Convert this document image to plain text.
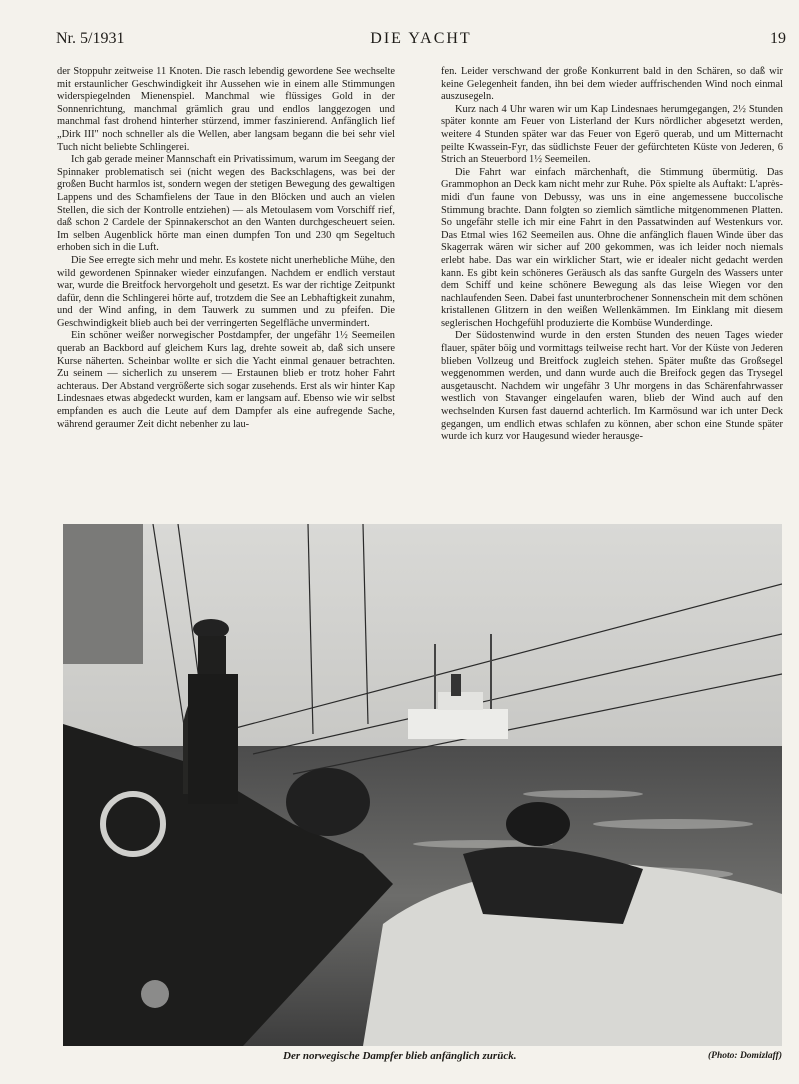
Nr. 5/1931	DIE YACHT	19

der Stoppuhr zeitweise 11 Knoten. Die rasch lebendig gewordene See wechselte mit erstaunlicher Geschwindigkeit ihr Aussehen wie in einem alle Stimmungen widerspiegelnden Mienenspiel. Manchmal wie flüssiges Gold in der Sonnenrichtung, manchmal grämlich grau und endlos langgezogen und manchmal fast drohend hinterher stürzend, immer faszinierend. Anfänglich lief „Dirk III" noch schneller als die Wellen, aber langsam begann die bei sehr viel Tuch nicht beliebte Schlingerei.

Ich gab gerade meiner Mannschaft ein Privatissimum, warum im Seegang der Spinnaker problematisch sei (nicht wegen des Backschlagens, was bei der großen Bucht harmlos ist, sondern wegen der stetigen Bewegung des gewaltigen Lappens und des Schamfielens der Taue in den Blöcken und auch an vielen Stellen, die sich der Kontrolle entziehen) — als Metoulasem vom Vorschiff rief, daß schon 2 Cardele der Spinnakerschot an den Wanten durchgescheuert seien. Im selben Augenblick hörte man einen dumpfen Ton und 230 qm Segeltuch erhoben sich in die Luft.

Die See erregte sich mehr und mehr. Es kostete nicht unerhebliche Mühe, den wild gewordenen Spinnaker wieder einzufangen. Nachdem er endlich verstaut war, wurde die Breitfock hervorgeholt und gesetzt. Es war der richtige Zeitpunkt dafür, denn die Schlingerei hörte auf, trotzdem die See an Lebhaftigkeit zunahm, und der Wind anfing, in dem Tauwerk zu summen und zu pfeifen. Die Geschwindigkeit blieb auch bei der verringerten Segelfläche unvermindert.

Ein schöner weißer norwegischer Postdampfer, der ungefähr 1½ Seemeilen querab an Backbord auf gleichem Kurs lag, drehte soweit ab, daß sich unsere Kurse näherten. Scheinbar wollte er sich die Yacht einmal genauer betrachten. Zu seinem — sicherlich zu unserem — Erstaunen blieb er trotz hoher Fahrt achteraus. Der Abstand vergrößerte sich sogar zusehends. Erst als wir hinter Kap Lindesnaes etwas abgedeckt wurden, kam er langsam auf. Ebenso wie wir selbst empfanden es auch die Leute auf dem Dampfer als eine aufregende Sache, während geraumer Zeit dicht nebenher zu lau-

fen. Leider verschwand der große Konkurrent bald in den Schären, so daß wir keine Gelegenheit fanden, ihn bei dem wieder auffrischenden Wind noch einmal auszusegeln.

Kurz nach 4 Uhr waren wir um Kap Lindesnaes herumgegangen, 2½ Stunden später konnte am Feuer von Listerland der Kurs nördlicher abgesetzt werden, weitere 4 Stunden später war das Feuer von Egerö querab, und um Mitternacht peilte Kwassein-Fyr, das südlichste Feuer der gefürchteten Küste von Jederen, 6 Strich an Steuerbord 1½ Seemeilen.

Die Fahrt war einfach märchenhaft, die Stimmung übermütig. Das Grammophon an Deck kam nicht mehr zur Ruhe. Pöx spielte als Auftakt: L'après-midi d'un faune von Debussy, was uns in eine angemessene buccolische Stimmung brachte. Dann folgten so ziemlich sämtliche mitgenommenen Platten. So ungefähr stelle ich mir eine Fahrt in den Passatwinden auf Westenkurs vor. Das Etmal wies 162 Seemeilen aus. Ohne die anfänglich flauen Winde über das Skagerrak wären wir sicher auf 200 gekommen, was ich leider noch niemals erlebt habe. Das war ein wirklicher Start, wie er idealer nicht gedacht werden kann. Es gibt kein schöneres Geräusch als das sanfte Gurgeln des Wassers unter dem Schiff und keine schönere Bewegung als das leise Wiegen vor den nachlaufenden Seen. Dabei fast ununterbrochener Sonnenschein mit dem schönen kristallenen Glitzern in den weißen Wellenkämmen. Im Einklang mit diesem seglerischen Hochgefühl produzierte die Kombüse Wunderdinge.

Der Südostenwind wurde in den ersten Stunden des neuen Tages wieder flauer, später böig und vormittags teilweise recht hart. Vor der Küste von Jederen blieben Vollzeug und Breitfock zugleich stehen. Später mußte das Großsegel weggenommen werden, und dann wurde auch die Breifock gegen das Trysegel ausgetauscht. Nachdem wir ungefähr 3 Uhr morgens in das Schärenfahrwasser westlich von Stavanger eingelaufen waren, blieb der Wind auch auf den wechselnden Kursen fast dauernd achterlich. Im Karmösund war ich unter Deck gegangen, um endlich etwas schlafen zu können, aber schon eine Stunde später wurde ich kurz vor Haugesund wieder herausge-

Der norwegische Dampfer blieb anfänglich zurück.	(Photo: Domizlaff)
